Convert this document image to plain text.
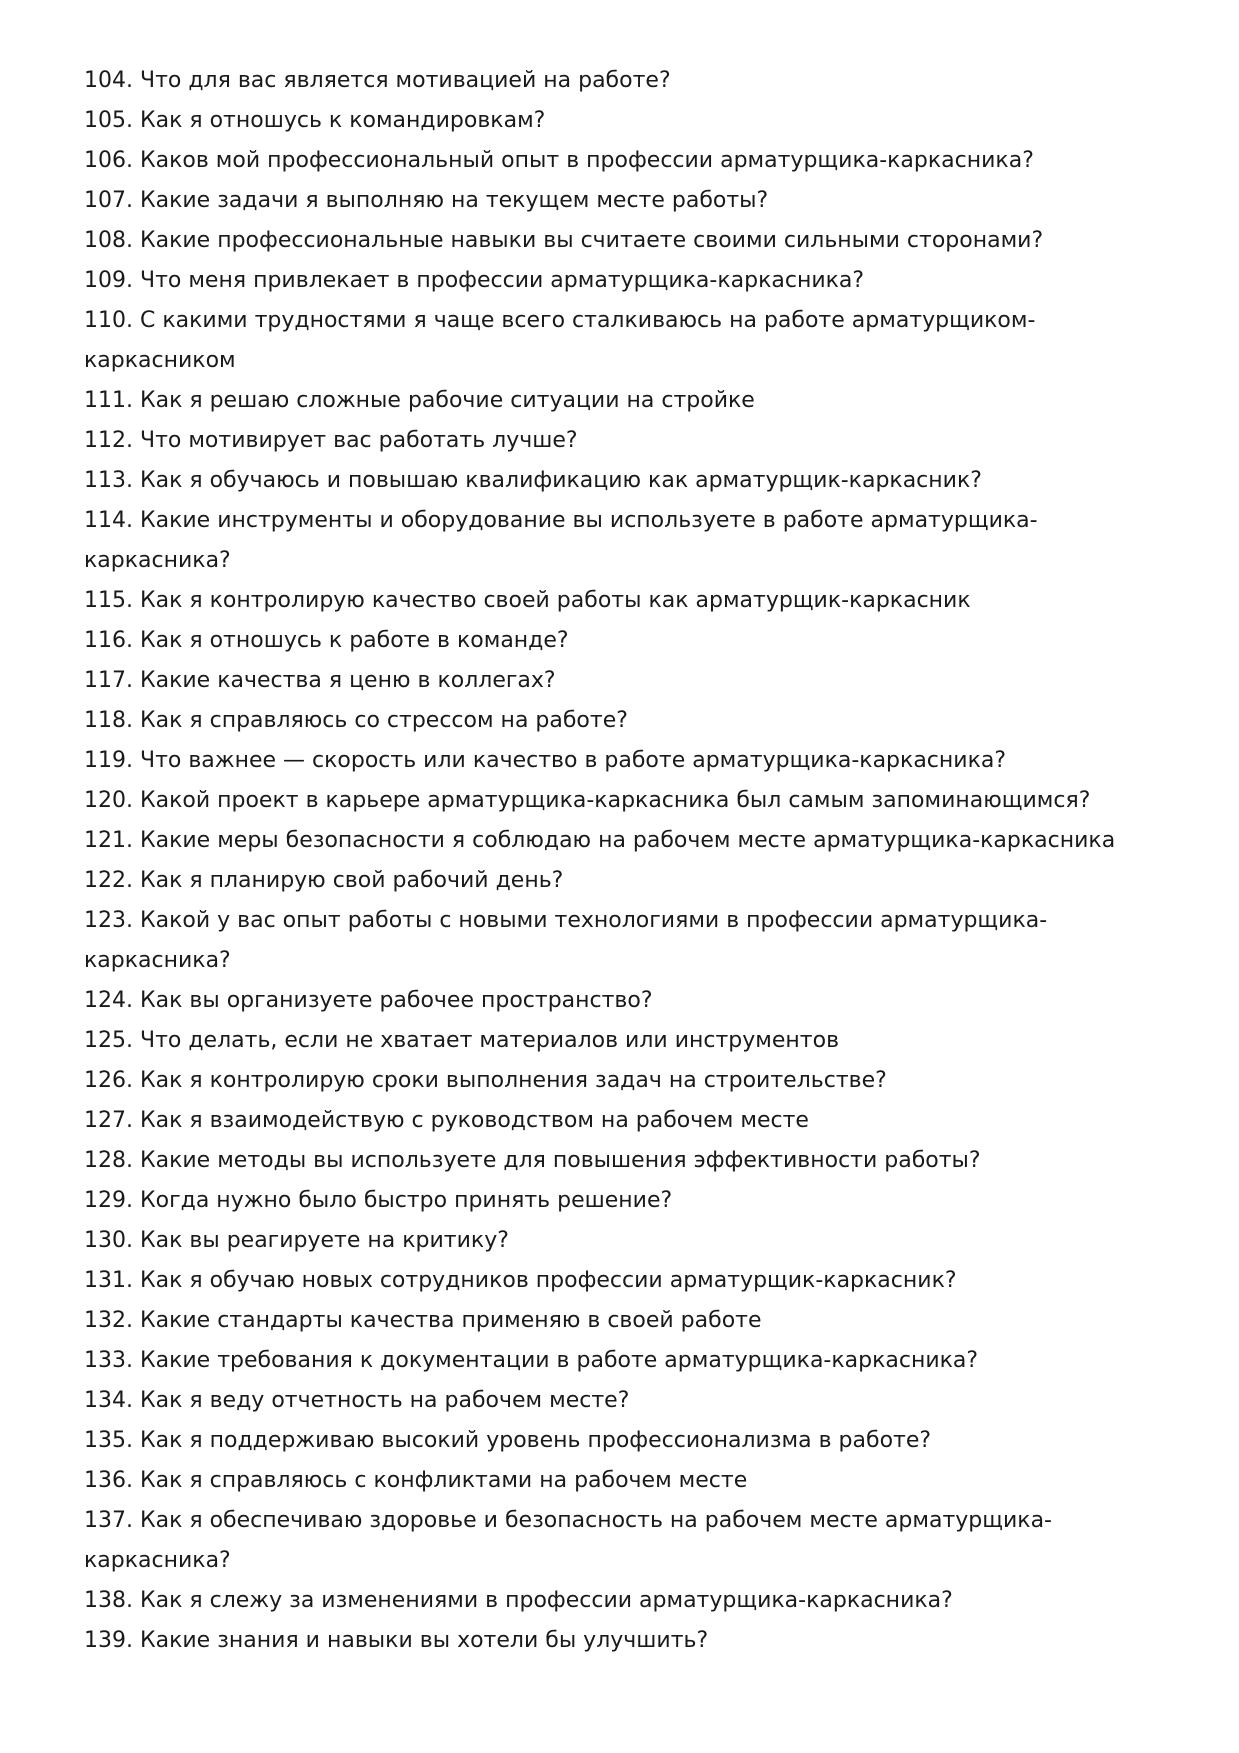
104. Что для вас является мотивацией на работе?
105. Как я отношусь к командировкам?
106. Каков мой профессиональный опыт в профессии арматурщика-каркасника?
107. Какие задачи я выполняю на текущем месте работы?
108. Какие профессиональные навыки вы считаете своими сильными сторонами?
109. Что меня привлекает в профессии арматурщика-каркасника?
110. С какими трудностями я чаще всего сталкиваюсь на работе арматурщиком-
каркасником
111. Как я решаю сложные рабочие ситуации на стройке
112. Что мотивирует вас работать лучше?
113. Как я обучаюсь и повышаю квалификацию как арматурщик-каркасник?
114. Какие инструменты и оборудование вы используете в работе арматурщика-
каркасника?
115. Как я контролирую качество своей работы как арматурщик-каркасник
116. Как я отношусь к работе в команде?
117. Какие качества я ценю в коллегах?
118. Как я справляюсь со стрессом на работе?
119. Что важнее — скорость или качество в работе арматурщика-каркасника?
120. Какой проект в карьере арматурщика-каркасника был самым запоминающимся?
121. Какие меры безопасности я соблюдаю на рабочем месте арматурщика-каркасника
122. Как я планирую свой рабочий день?
123. Какой у вас опыт работы с новыми технологиями в профессии арматурщика-
каркасника?
124. Как вы организуете рабочее пространство?
125. Что делать, если не хватает материалов или инструментов
126. Как я контролирую сроки выполнения задач на строительстве?
127. Как я взаимодействую с руководством на рабочем месте
128. Какие методы вы используете для повышения эффективности работы?
129. Когда нужно было быстро принять решение?
130. Как вы реагируете на критику?
131. Как я обучаю новых сотрудников профессии арматурщик-каркасник?
132. Какие стандарты качества применяю в своей работе
133. Какие требования к документации в работе арматурщика-каркасника?
134. Как я веду отчетность на рабочем месте?
135. Как я поддерживаю высокий уровень профессионализма в работе?
136. Как я справляюсь с конфликтами на рабочем месте
137. Как я обеспечиваю здоровье и безопасность на рабочем месте арматурщика-
каркасника?
138. Как я слежу за изменениями в профессии арматурщика-каркасника?
139. Какие знания и навыки вы хотели бы улучшить?
